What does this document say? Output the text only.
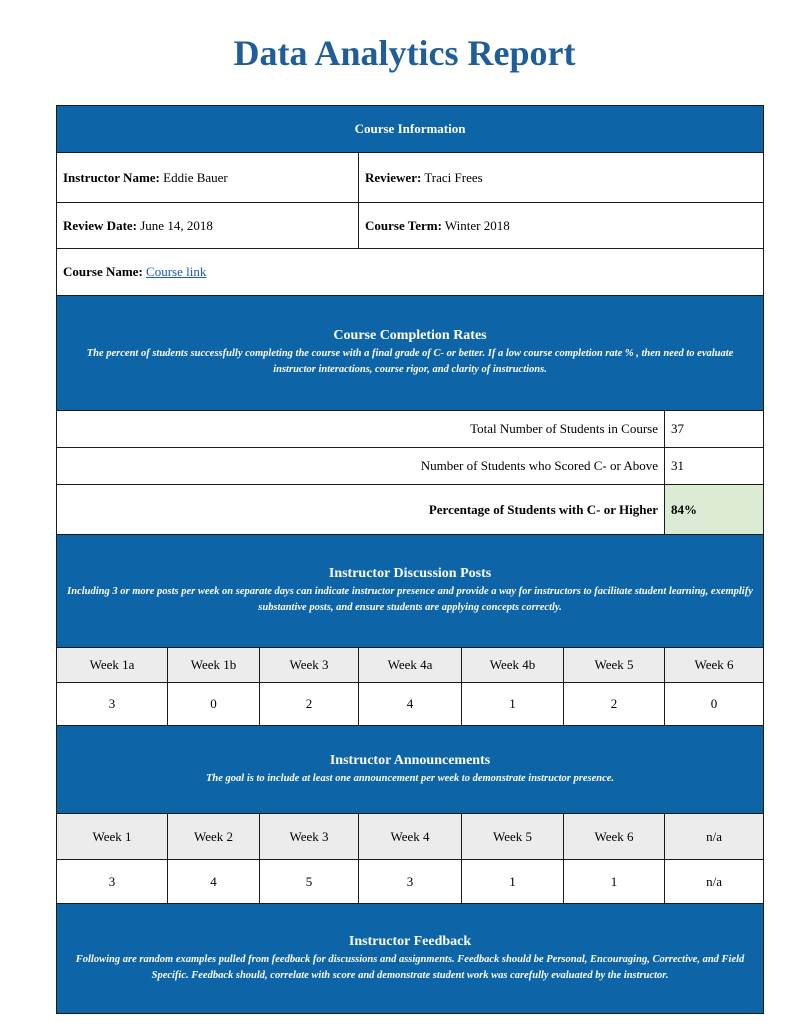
Data Analytics Report
Course Information						
Instructor Name: Eddie Bauer			Reviewer: Traci Frees			
Review Date: June 14, 2018			Course Term: Winter 2018			
Course Name: Course link						

Course Completion Rates
The percent of students successfully completing the course with a final grade of C- or better. If a low course completion rate % , then need to evaluate instructor interactions, course rigor, and clarity of instructions.						

Total Number of Students in Course						37
Number of Students who Scored C- or Above						31
Percentage of Students with C- or Higher						84%

Instructor Discussion Posts
Including 3 or more posts per week on separate days can indicate instructor presence and provide a way for instructors to facilitate student learning, exemplify substantive posts, and ensure students are applying concepts correctly.						

Week 1a	Week 1b	Week 3	Week 4a	Week 4b	Week 5	Week 6
3	0	2	4	1	2	0

Instructor Announcements
The goal is to include at least one announcement per week to demonstrate instructor presence.						

Week 1	Week 2	Week 3	Week 4	Week 5	Week 6	n/a
3	4	5	3	1	1	n/a

Instructor Feedback
Following are random examples pulled from feedback for discussions and assignments. Feedback should be Personal, Encouraging, Corrective, and Field Specific. Feedback should, correlate with score and demonstrate student work was carefully evaluated by the instructor.						
